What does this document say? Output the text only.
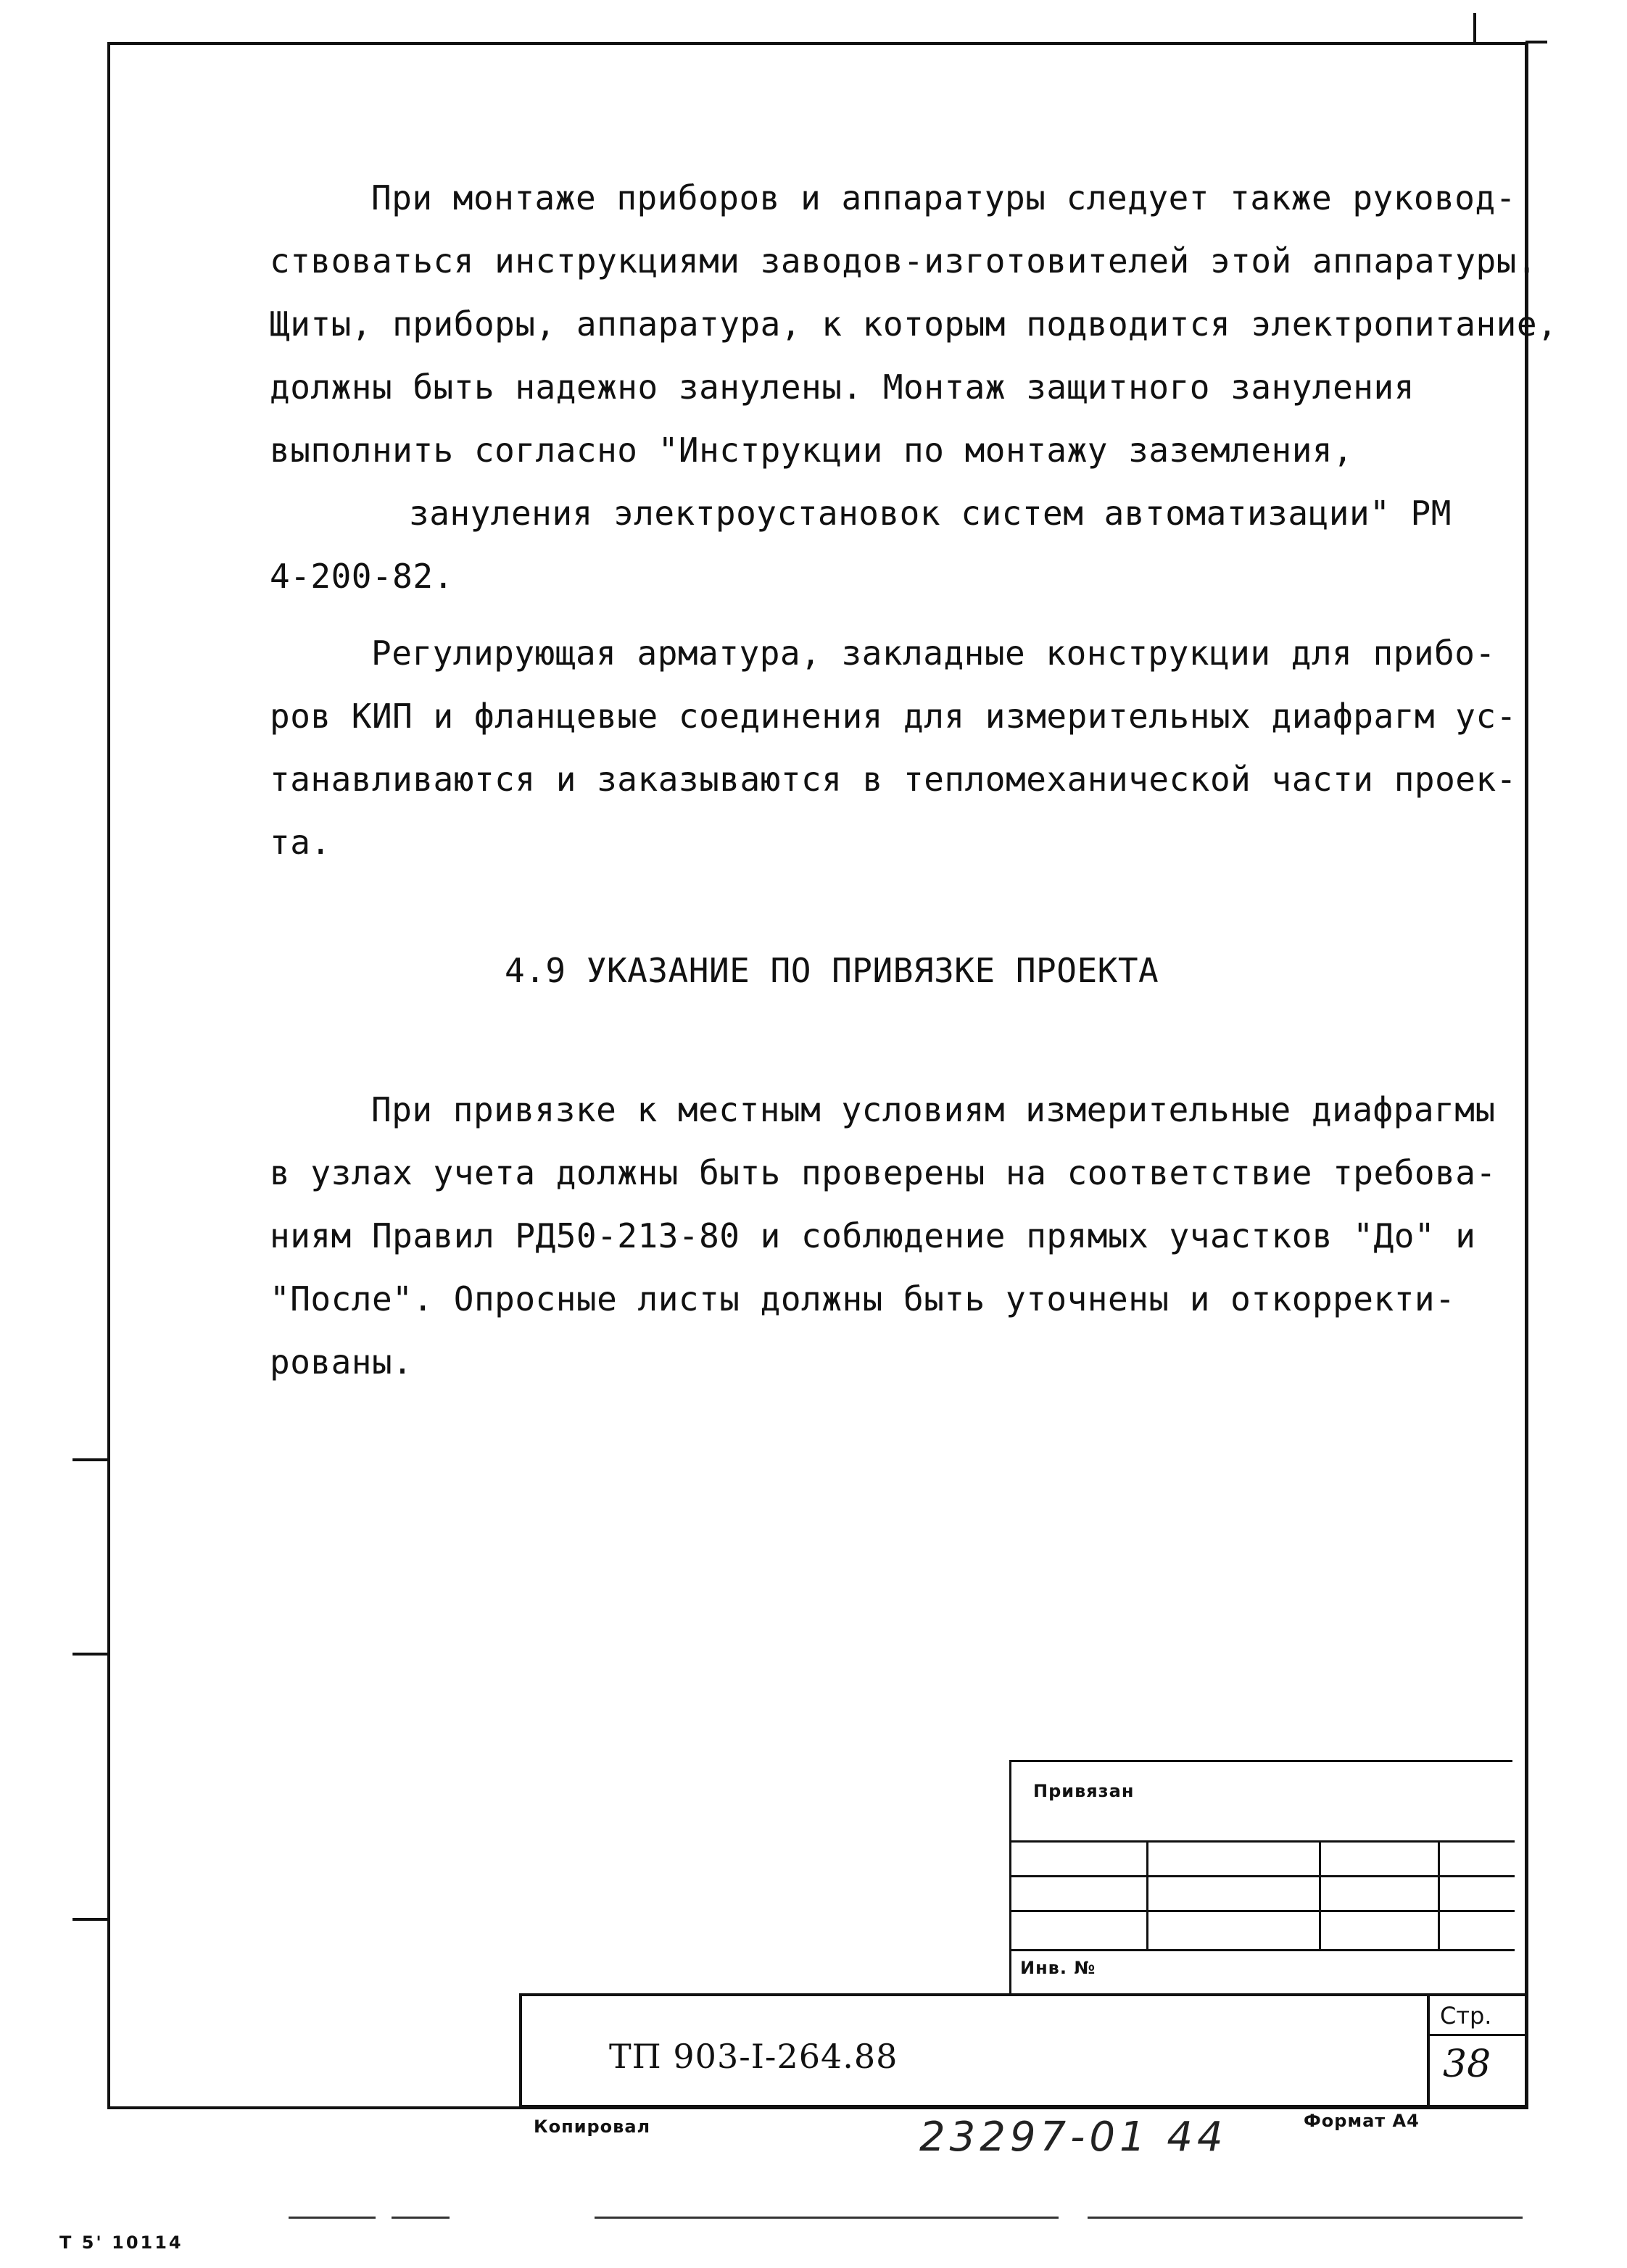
При монтаже приборов и аппаратуры следует также руковод-
ствоваться инструкциями заводов-изготовителей этой аппаратуры.
Щиты, приборы, аппаратура, к которым подводится электропитание,
должны быть надежно занулены. Монтаж защитного зануления
выполнить согласно "Инструкции по монтажу заземления,
зануления электроустановок систем автоматизации" РМ
4-200-82.
Регулирующая арматура, закладные конструкции для прибо-
ров КИП и фланцевые соединения для измерительных диафрагм ус-
танавливаются и заказываются в тепломеханической части проек-
та.
4.9 УКАЗАНИЕ ПО ПРИВЯЗКЕ ПРОЕКТА
При привязке к местным условиям измерительные диафрагмы
в узлах учета должны быть проверены на соответствие требова-
ниям Правил РД50-213-80 и соблюдение прямых участков "До" и
"После". Опросные листы должны быть уточнены и откорректи-
рованы.
Привязан
Инв. №
ТП 903-I-264.88
Стр.
38
Копировал	23297-01 44	Формат А4
Т 5' 10114
